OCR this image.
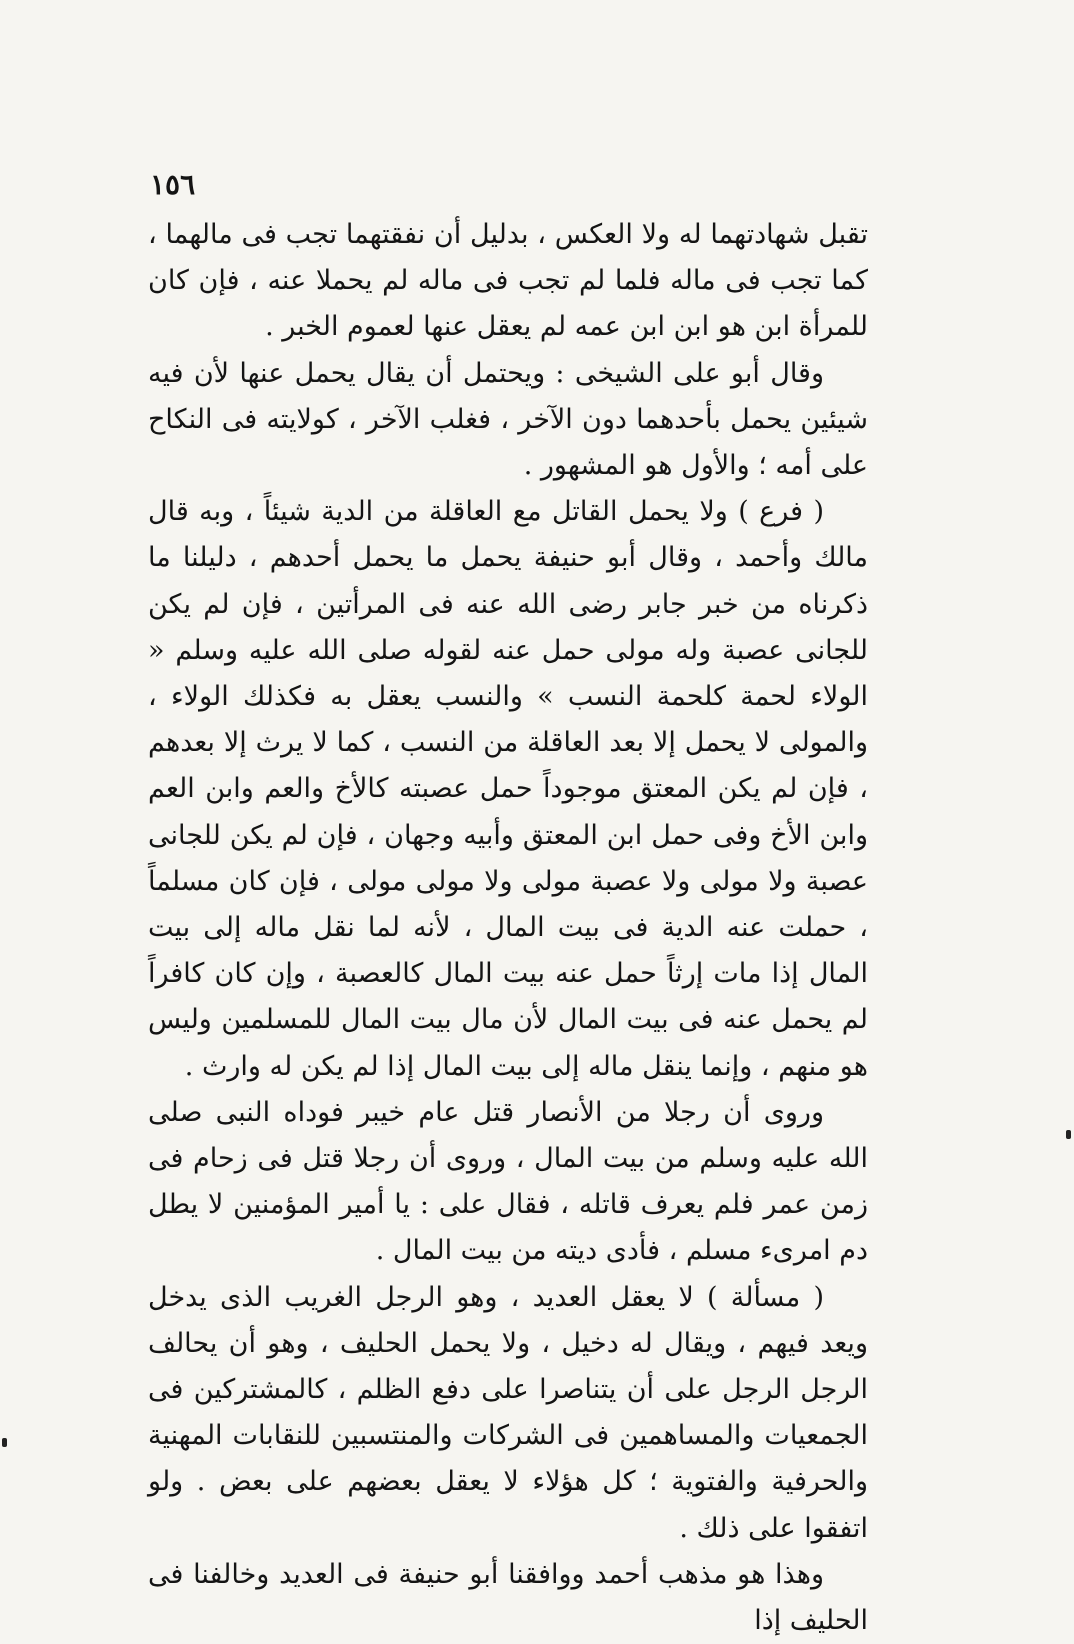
١٥٦

تقبل شهادتهما له ولا العكس ، بدليل أن نفقتهما تجب فى مالهما ، كما تجب فى ماله فلما لم تجب فى ماله لم يحملا عنه ، فإن كان للمرأة ابن هو ابن ابن عمه لم يعقل عنها لعموم الخبر .

وقال أبو على الشيخى : ويحتمل أن يقال يحمل عنها لأن فيه شيئين يحمل بأحدهما دون الآخر ، فغلب الآخر ، كولايته فى النكاح على أمه ؛ والأول هو المشهور .

( فرع ) ولا يحمل القاتل مع العاقلة من الدية شيئاً ، وبه قال مالك وأحمد ، وقال أبو حنيفة يحمل ما يحمل أحدهم ، دليلنا ما ذكرناه من خبر جابر رضى الله عنه فى المرأتين ، فإن لم يكن للجانى عصبة وله مولى حمل عنه لقوله صلى الله عليه وسلم « الولاء لحمة كلحمة النسب » والنسب يعقل به فكذلك الولاء ، والمولى لا يحمل إلا بعد العاقلة من النسب ، كما لا يرث إلا بعدهم ، فإن لم يكن المعتق موجوداً حمل عصبته كالأخ والعم وابن العم وابن الأخ وفى حمل ابن المعتق وأبيه وجهان ، فإن لم يكن للجانى عصبة ولا مولى ولا عصبة مولى ولا مولى مولى ، فإن كان مسلماً ، حملت عنه الدية فى بيت المال ، لأنه لما نقل ماله إلى بيت المال إذا مات إرثاً حمل عنه بيت المال كالعصبة ، وإن كان كافراً لم يحمل عنه فى بيت المال لأن مال بيت المال للمسلمين وليس هو منهم ، وإنما ينقل ماله إلى بيت المال إذا لم يكن له وارث .

وروى أن رجلا من الأنصار قتل عام خيبر فوداه النبى صلى الله عليه وسلم من بيت المال ، وروى أن رجلا قتل فى زحام فى زمن عمر فلم يعرف قاتله ، فقال على : يا أمير المؤمنين لا يطل دم امرىء مسلم ، فأدى ديته من بيت المال .

( مسألة ) لا يعقل العديد ، وهو الرجل الغريب الذى يدخل ويعد فيهم ، ويقال له دخيل ، ولا يحمل الحليف ، وهو أن يحالف الرجل الرجل على أن يتناصرا على دفع الظلم ، كالمشتركين فى الجمعيات والمساهمين فى الشركات والمنتسبين للنقابات المهنية والحرفية والفتوية ؛ كل هؤلاء لا يعقل بعضهم على بعض . ولو اتفقوا على ذلك .

وهذا هو مذهب أحمد ووافقنا أبو حنيفة فى العديد وخالفنا فى الحليف إذا
